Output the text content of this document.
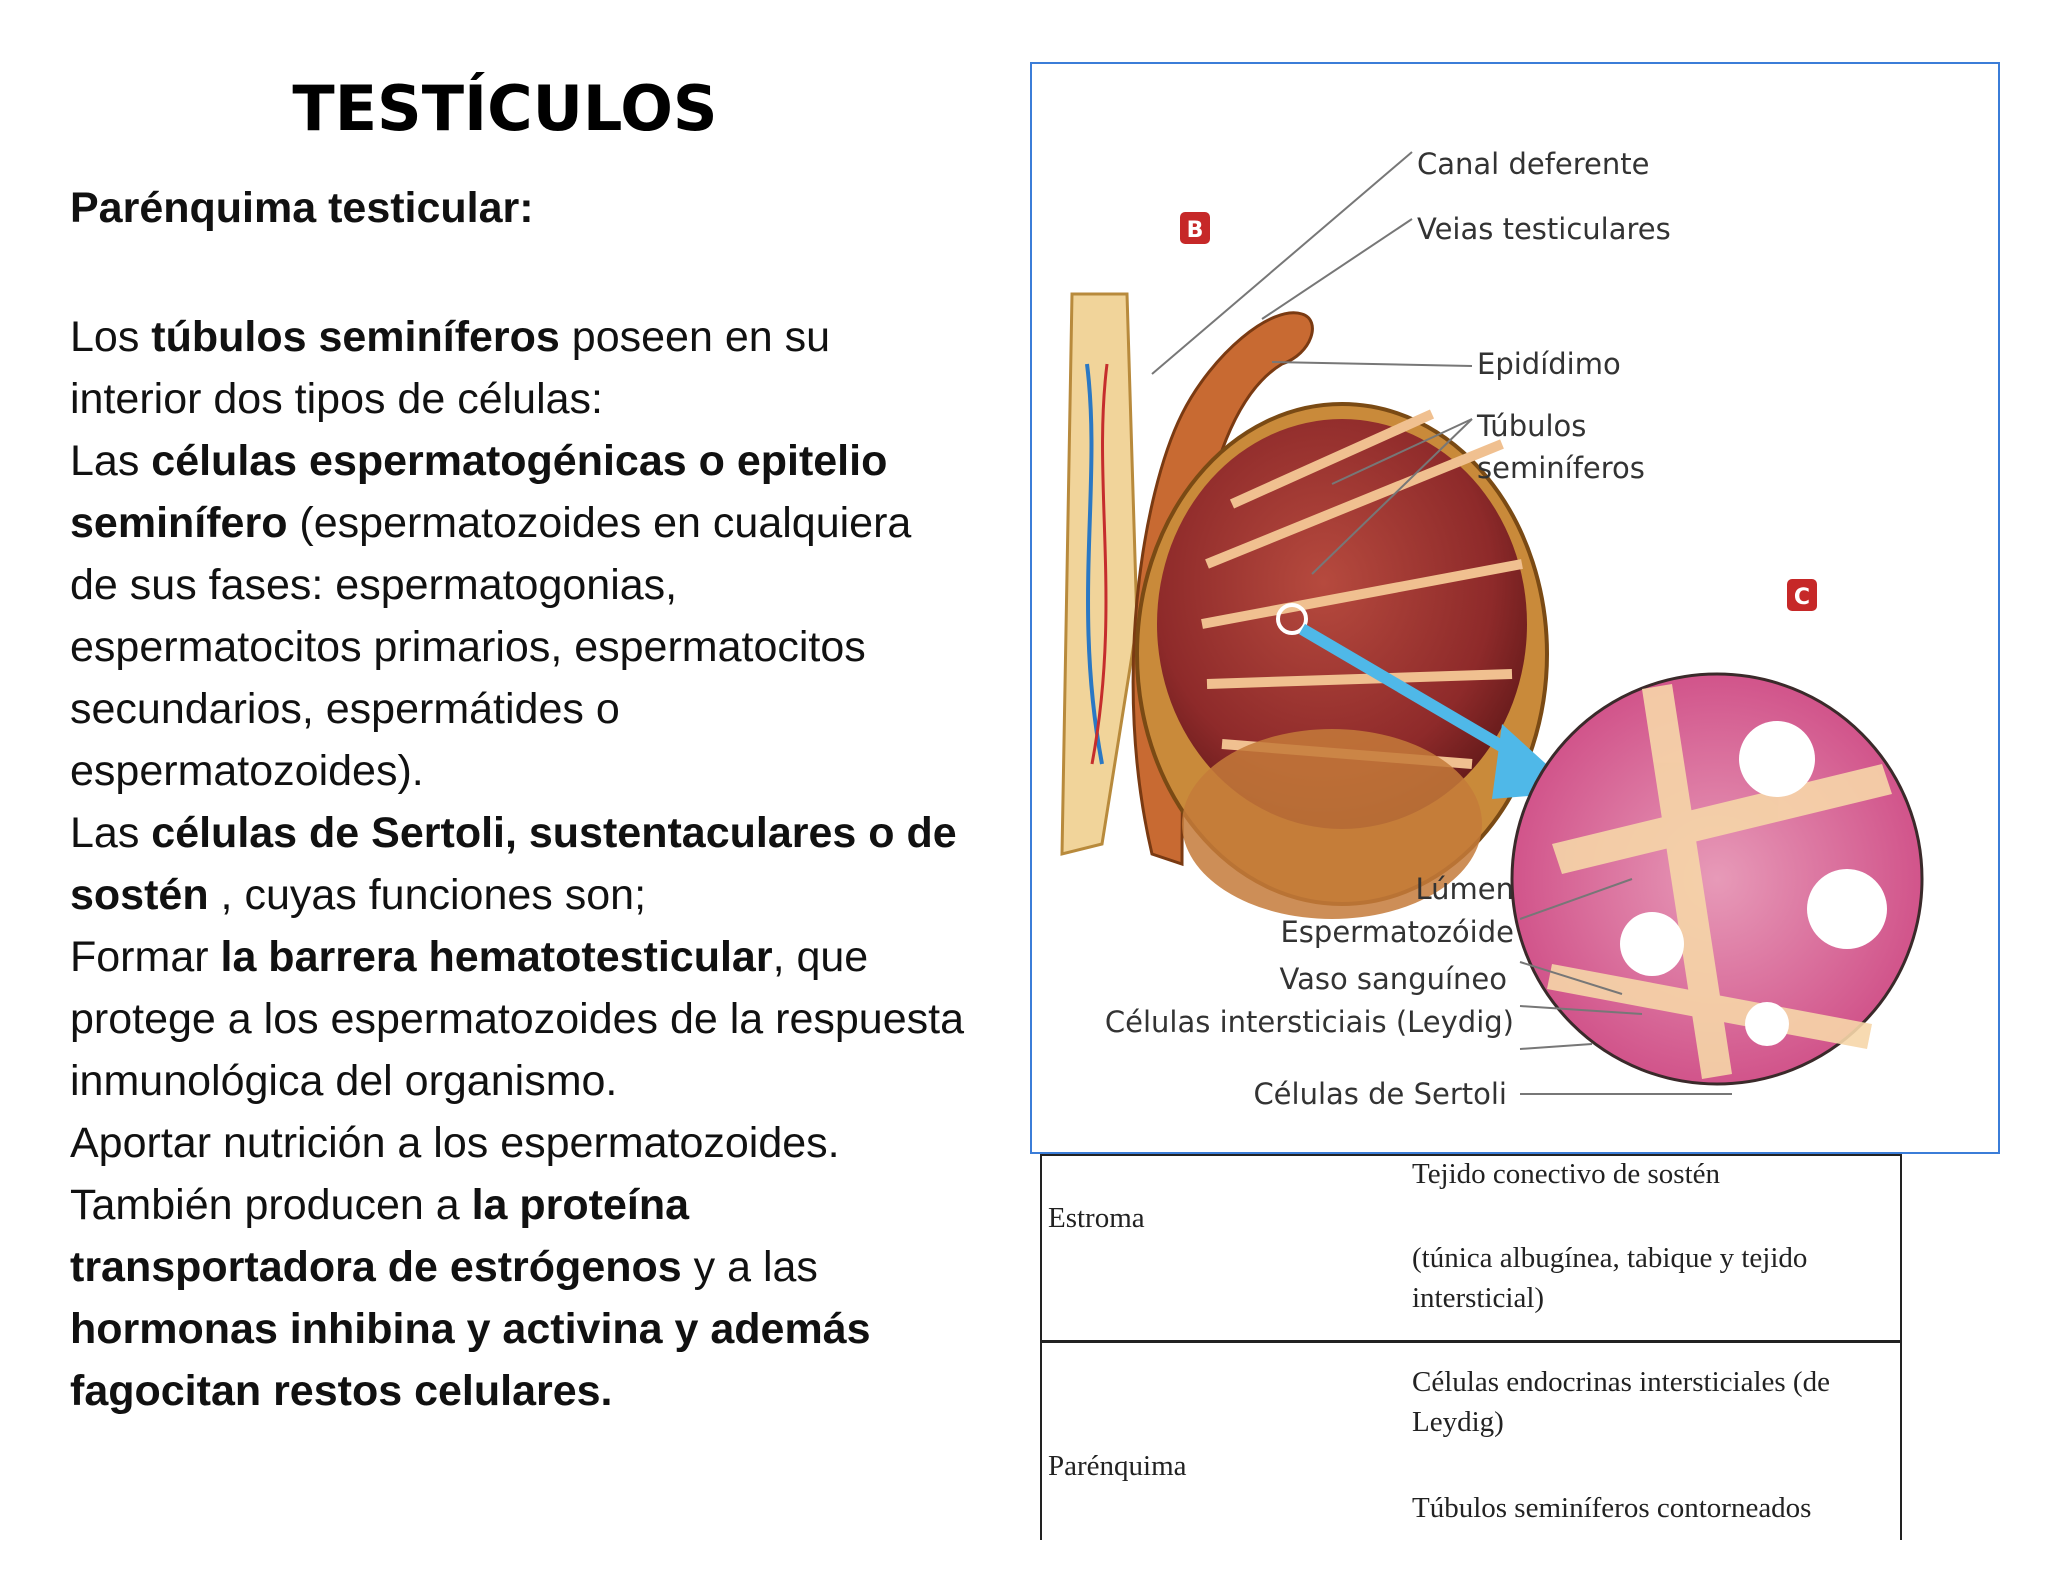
TESTÍCULOS
Parénquima testicular:

Los túbulos seminíferos poseen en su interior dos tipos de células:

Las células espermatogénicas o epitelio seminífero (espermatozoides en cualquiera de sus fases: espermatogonias, espermatocitos primarios, espermatocitos secundarios, espermátides o espermatozoides).

Las células de Sertoli, sustentaculares o de sostén , cuyas funciones son;

Formar la barrera hematotesticular, que protege a los espermatozoides de la respuesta inmunológica del organismo.

Aportar nutrición a los espermatozoides.

También producen a la proteína transportadora de estrógenos y a las hormonas inhibina y activina y además fagocitan restos celulares.

B
C
Canal deferente
Veias testiculares
Epidídimo
Túbulos
seminíferos
Lúmen
Espermatozóide
Vaso sanguíneo
Células intersticiais (Leydig)
Células de Sertoli
Estroma
Tejido conectivo de sostén
(túnica albugínea, tabique y tejido intersticial)
Parénquima
Células endocrinas intersticiales (de Leydig)
Túbulos seminíferos contorneados
